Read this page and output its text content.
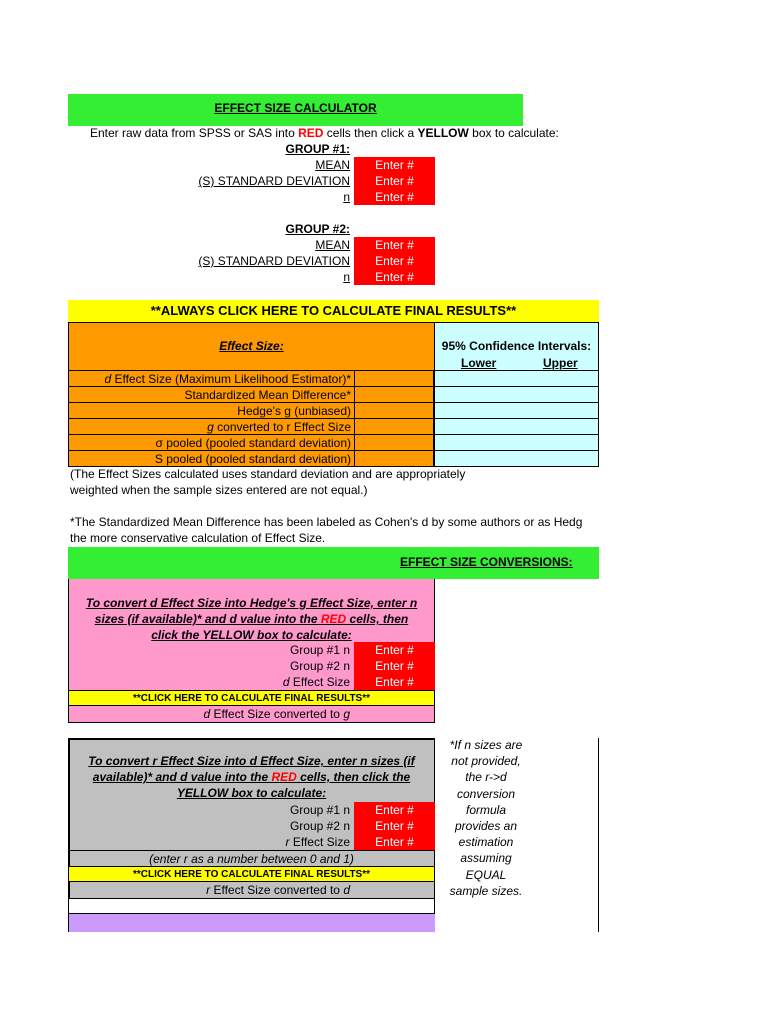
EFFECT SIZE CALCULATOR
Enter raw data from SPSS or SAS into RED cells then click a YELLOW box to calculate:
GROUP #1:
MEAN	Enter #
(S) STANDARD DEVIATION	Enter #
n	Enter #
GROUP #2:
MEAN	Enter #
(S) STANDARD DEVIATION	Enter #
n	Enter #
**ALWAYS CLICK HERE TO CALCULATE FINAL RESULTS**
Effect Size:	95% Confidence Intervals:
Lower	Upper
d Effect Size (Maximum Likelihood Estimator)*
Standardized Mean Difference*
Hedge's g (unbiased)
g converted to r Effect Size
σ pooled (pooled standard deviation)
S pooled (pooled standard deviation)
(The Effect Sizes calculated uses standard deviation and are appropriately
weighted when the sample sizes entered are not equal.)
*The Standardized Mean Difference has been labeled as Cohen's d by some authors or as Hedg
the more conservative calculation of Effect Size.
EFFECT SIZE CONVERSIONS:
To convert d Effect Size into Hedge's g Effect Size, enter n
sizes (if available)* and d value into the RED cells, then
click the YELLOW box to calculate:
Group #1 n	Enter #
Group #2 n	Enter #
d Effect Size	Enter #
**CLICK HERE TO CALCULATE FINAL RESULTS**
d Effect Size converted to g
To convert r Effect Size into d Effect Size, enter n sizes (if
available)* and d value into the RED cells, then click the
YELLOW box to calculate:
Group #1 n	Enter #
Group #2 n	Enter #
r Effect Size	Enter #
(enter r as a number between 0 and 1)
**CLICK HERE TO CALCULATE FINAL RESULTS**
r Effect Size converted to d
*If n sizes are
not provided,
the r->d
conversion
formula
provides an
estimation
assuming
EQUAL
sample sizes.
